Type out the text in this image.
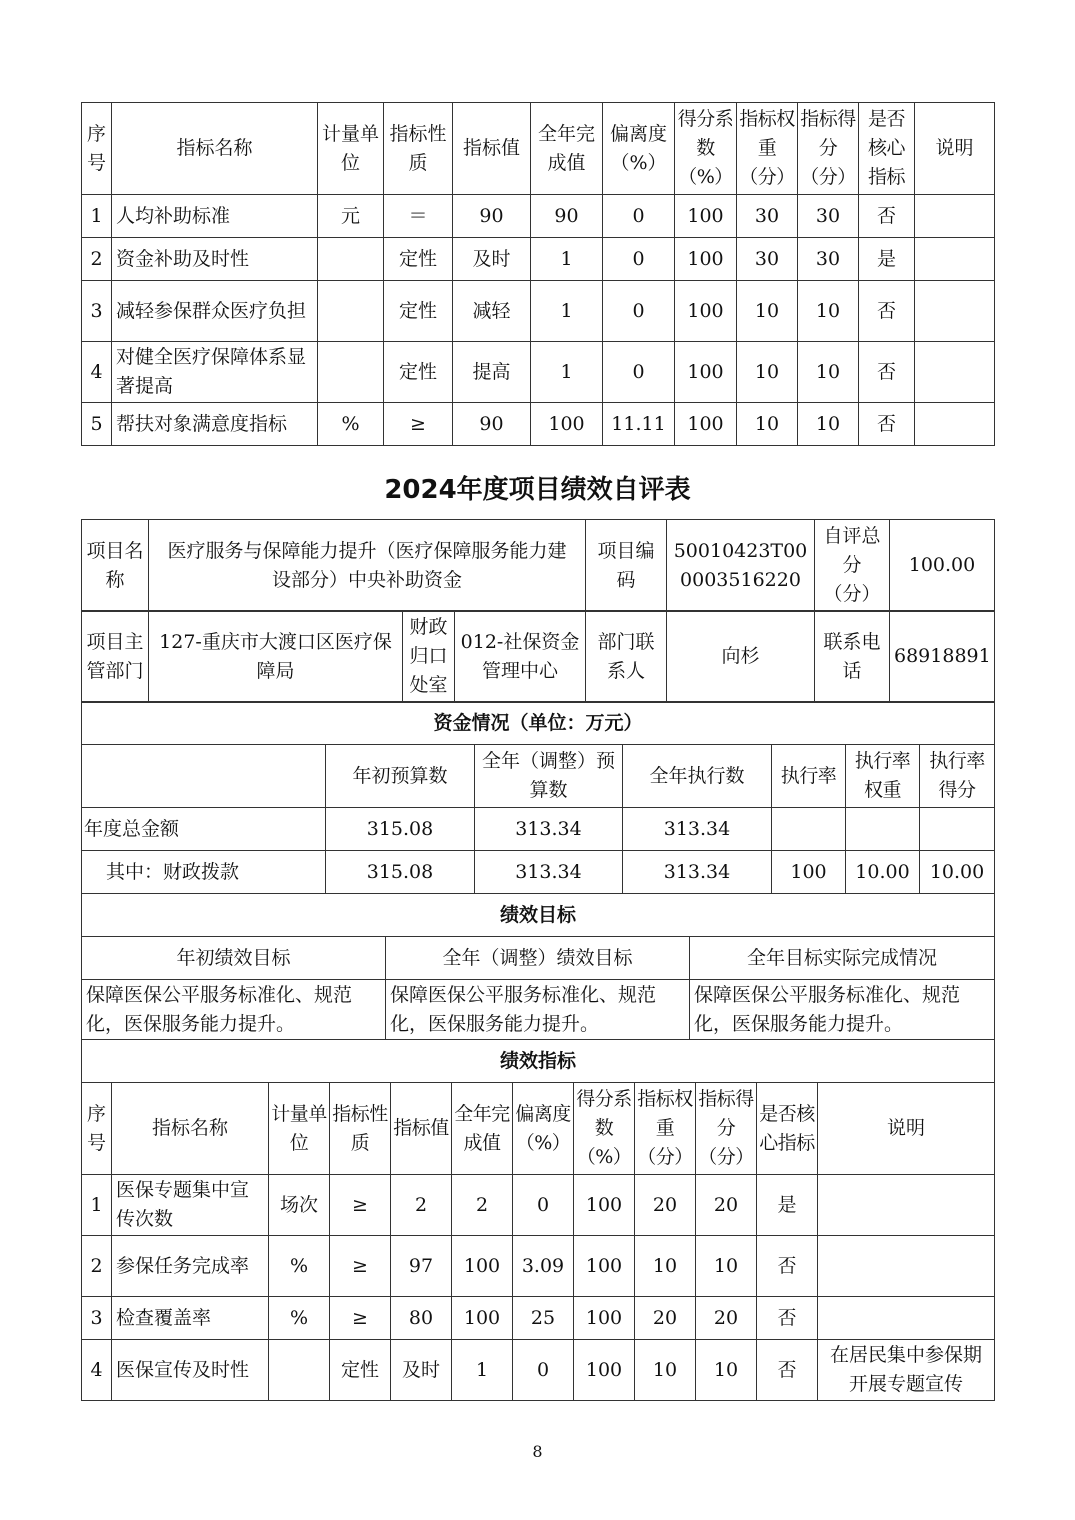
序号	指标名称	计量单位	指标性质	指标值	全年完成值	偏离度（%）	得分系数（%）	指标权重（分）	指标得分（分）	是否核心指标	说明
1	人均补助标准	元	＝	90	90	0	100	30	30	否	
2	资金补助及时性		定性	及时	1	0	100	30	30	是	
3	减轻参保群众医疗负担		定性	减轻	1	0	100	10	10	否	
4	对健全医疗保障体系显著提高		定性	提高	1	0	100	10	10	否	
5	帮扶对象满意度指标	%	≥	90	100	11.11	100	10	10	否	
2024年度项目绩效自评表
项目名称	医疗服务与保障能力提升（医疗保障服务能力建设部分）中央补助资金	项目编码	50010423T000003516220	自评总分（分）	100.00
项目主管部门	127-重庆市大渡口区医疗保障局	财政归口处室	012-社保资金管理中心	部门联系人	向杉	联系电话	68918891
资金情况（单位：万元）						
	年初预算数	全年（调整）预算数	全年执行数	执行率	执行率权重	执行率得分
年度总金额	315.08	313.34	313.34			
其中：财政拨款	315.08	313.34	313.34	100	10.00	10.00
绩效目标		
年初绩效目标	全年（调整）绩效目标	全年目标实际完成情况
保障医保公平服务标准化、规范化，医保服务能力提升。	保障医保公平服务标准化、规范化，医保服务能力提升。	保障医保公平服务标准化、规范化，医保服务能力提升。
绩效指标											
序号	指标名称	计量单位	指标性质	指标值	全年完成值	偏离度（%）	得分系数（%）	指标权重（分）	指标得分（分）	是否核心指标	说明
1	医保专题集中宣传次数	场次	≥	2	2	0	100	20	20	是	
2	参保任务完成率	%	≥	97	100	3.09	100	10	10	否	
3	检查覆盖率	%	≥	80	100	25	100	20	20	否	
4	医保宣传及时性		定性	及时	1	0	100	10	10	否	在居民集中参保期开展专题宣传
8
